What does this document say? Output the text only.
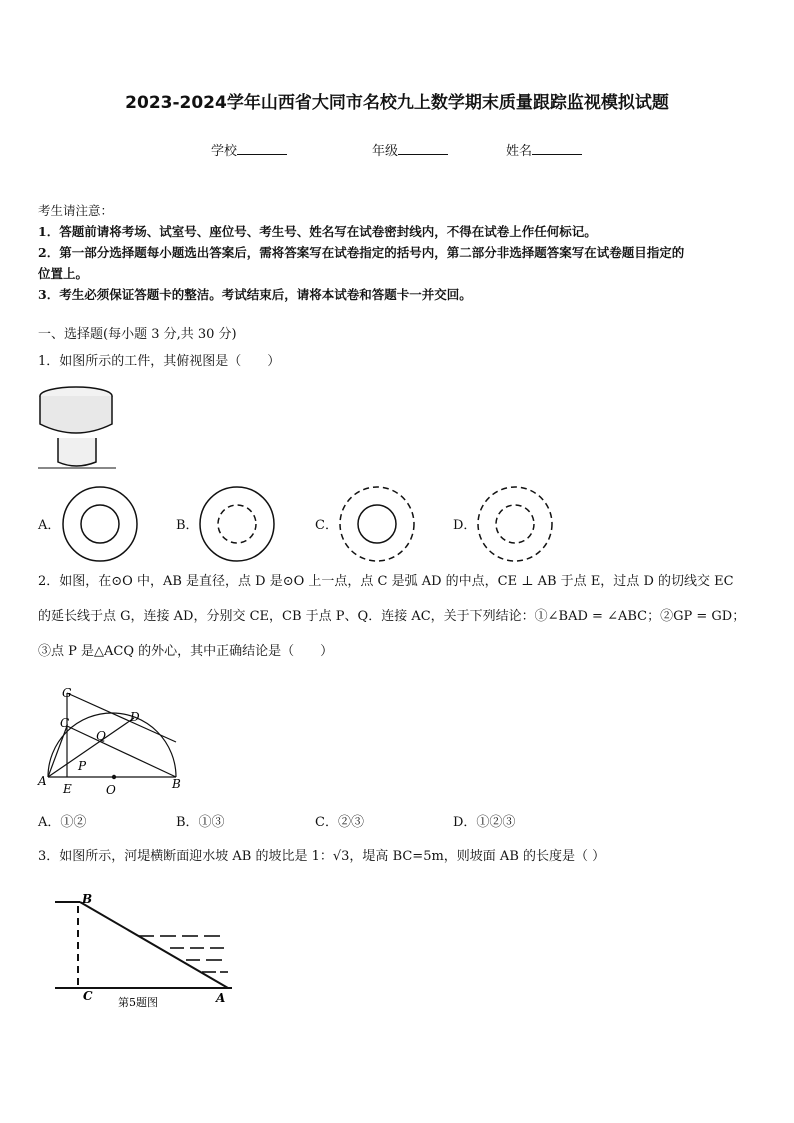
2023-2024学年山西省大同市名校九上数学期末质量跟踪监视模拟试题
学校	年级	姓名
考生请注意：
1．答题前请将考场、试室号、座位号、考生号、姓名写在试卷密封线内，不得在试卷上作任何标记。
2．第一部分选择题每小题选出答案后，需将答案写在试卷指定的括号内，第二部分非选择题答案写在试卷题目指定的
位置上。
3．考生必须保证答题卡的整洁。考试结束后，请将本试卷和答题卡一并交回。
一、选择题(每小题 3 分,共 30 分)
1．如图所示的工件，其俯视图是（　　）
A．	B．	C．	D．
2．如图，在⊙O 中，AB 是直径，点 D 是⊙O 上一点，点 C 是弧 AD 的中点，CE ⊥ AB 于点 E，过点 D 的切线交 EC
的延长线于点 G，连接 AD，分别交 CE，CB 于点 P、Q．连接 AC，关于下列结论：①∠BAD = ∠ABC；②GP = GD；
③点 P 是△ACQ 的外心，其中正确结论是（　　）
G
C	D
Q
P
A
E	O	B
A．①②	B．①③	C．②③	D．①②③
3．如图所示，河堤横断面迎水坡 AB 的坡比是 1：√3，堤高 BC=5m，则坡面 AB 的长度是（ ）
B
C	A
第5题图
